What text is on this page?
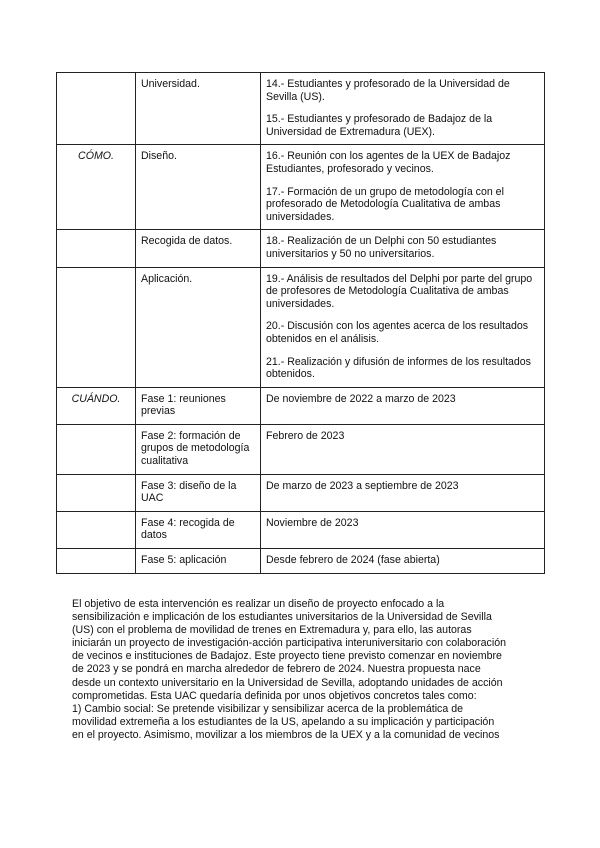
	Universidad.	14.- Estudiantes y profesorado de la Universidad de Sevilla (US).

15.- Estudiantes y profesorado de Badajoz de la Universidad de Extremadura (UEX).

CÓMO.	Diseño.	16.- Reunión con los agentes de la UEX de Badajoz Estudiantes, profesorado y vecinos.

17.- Formación de un grupo de metodología con el profesorado de Metodología Cualitativa de ambas universidades.

	Recogida de datos.	18.- Realización de un Delphi con 50 estudiantes universitarios y 50 no universitarios.

	Aplicación.	19.- Análisis de resultados del Delphi por parte del grupo de profesores de Metodología Cualitativa de ambas universidades.

20.- Discusión con los agentes acerca de los resultados obtenidos en el análisis.

21.- Realización y difusión de informes de los resultados obtenidos.

CUÁNDO.	Fase 1: reuniones previas	De noviembre de 2022 a marzo de 2023

	Fase 2: formación de grupos de metodología cualitativa	Febrero de 2023

	Fase 3: diseño de la UAC	De marzo de 2023 a septiembre de 2023

	Fase 4: recogida de datos	Noviembre de 2023

	Fase 5: aplicación	Desde febrero de 2024 (fase abierta)

El objetivo de esta intervención es realizar un diseño de proyecto enfocado a la
sensibilización e implicación de los estudiantes universitarios de la Universidad de Sevilla
(US) con el problema de movilidad de trenes en Extremadura y, para ello, las autoras
iniciarán un proyecto de investigación-acción participativa interuniversitario con colaboración
de vecinos e instituciones de Badajoz. Este proyecto tiene previsto comenzar en noviembre
de 2023 y se pondrá en marcha alrededor de febrero de 2024. Nuestra propuesta nace
desde un contexto universitario en la Universidad de Sevilla, adoptando unidades de acción
comprometidas. Esta UAC quedaría definida por unos objetivos concretos tales como:
1) Cambio social: Se pretende visibilizar y sensibilizar acerca de la problemática de
movilidad extremeña a los estudiantes de la US, apelando a su implicación y participación
en el proyecto. Asimismo, movilizar a los miembros de la UEX y a la comunidad de vecinos
